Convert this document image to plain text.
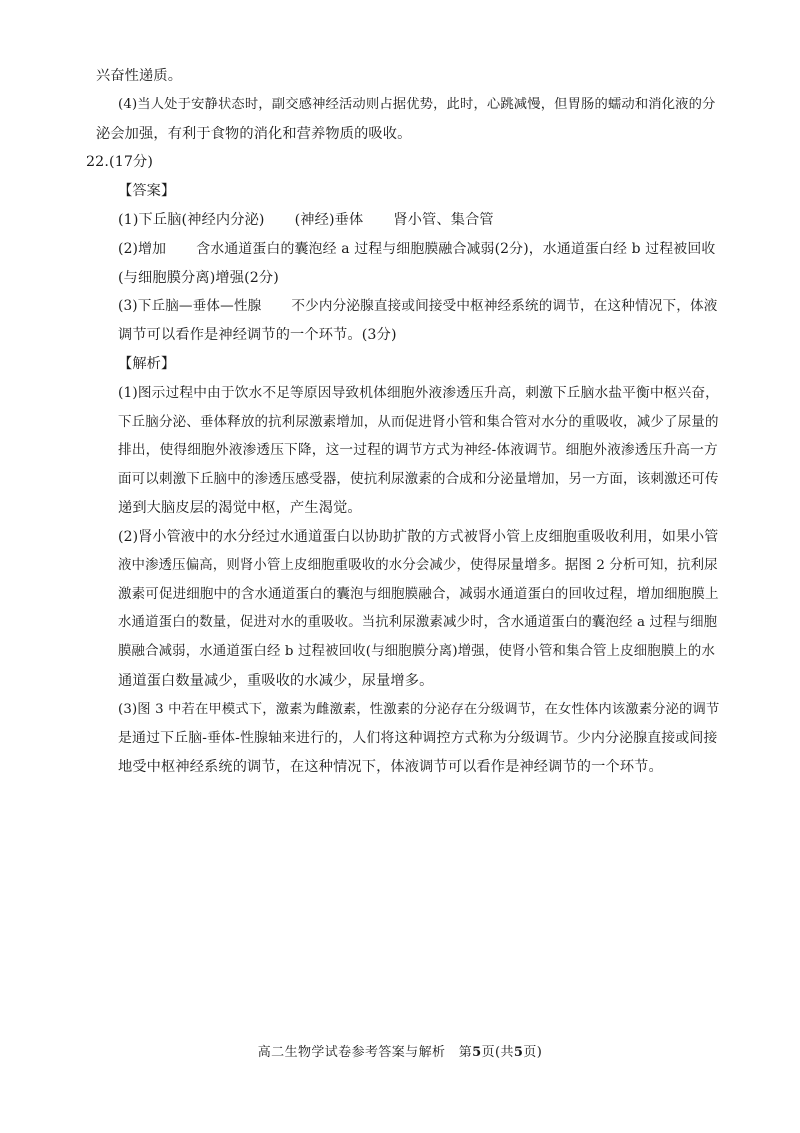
兴奋性递质。
(4)当人处于安静状态时，副交感神经活动则占据优势，此时，心跳减慢，但胃肠的蠕动和消化液的分
泌会加强，有利于食物的消化和营养物质的吸收。
22.(17分)
【答案】
(1)下丘脑(神经内分泌) (神经)垂体 肾小管、集合管
(2)增加 含水通道蛋白的囊泡经 a 过程与细胞膜融合减弱(2分)，水通道蛋白经 b 过程被回收
(与细胞膜分离)增强(2分)
(3)下丘脑—垂体—性腺 不少内分泌腺直接或间接受中枢神经系统的调节，在这种情况下，体液
调节可以看作是神经调节的一个环节。(3分)
【解析】
(1)图示过程中由于饮水不足等原因导致机体细胞外液渗透压升高，刺激下丘脑水盐平衡中枢兴奋，
下丘脑分泌、垂体释放的抗利尿激素增加，从而促进肾小管和集合管对水分的重吸收，减少了尿量的
排出，使得细胞外液渗透压下降，这一过程的调节方式为神经-体液调节。细胞外液渗透压升高一方
面可以刺激下丘脑中的渗透压感受器，使抗利尿激素的合成和分泌量增加，另一方面，该刺激还可传
递到大脑皮层的渴觉中枢，产生渴觉。
(2)肾小管液中的水分经过水通道蛋白以协助扩散的方式被肾小管上皮细胞重吸收利用，如果小管
液中渗透压偏高，则肾小管上皮细胞重吸收的水分会减少，使得尿量增多。据图 2 分析可知，抗利尿
激素可促进细胞中的含水通道蛋白的囊泡与细胞膜融合，减弱水通道蛋白的回收过程，增加细胞膜上
水通道蛋白的数量，促进对水的重吸收。当抗利尿激素减少时，含水通道蛋白的囊泡经 a 过程与细胞
膜融合减弱，水通道蛋白经 b 过程被回收(与细胞膜分离)增强，使肾小管和集合管上皮细胞膜上的水
通道蛋白数量减少，重吸收的水减少，尿量增多。
(3)图 3 中若在甲模式下，激素为雌激素，性激素的分泌存在分级调节，在女性体内该激素分泌的调节
是通过下丘脑-垂体-性腺轴来进行的，人们将这种调控方式称为分级调节。少内分泌腺直接或间接
地受中枢神经系统的调节，在这种情况下，体液调节可以看作是神经调节的一个环节。
高二生物学试卷参考答案与解析　第5页(共5页)
